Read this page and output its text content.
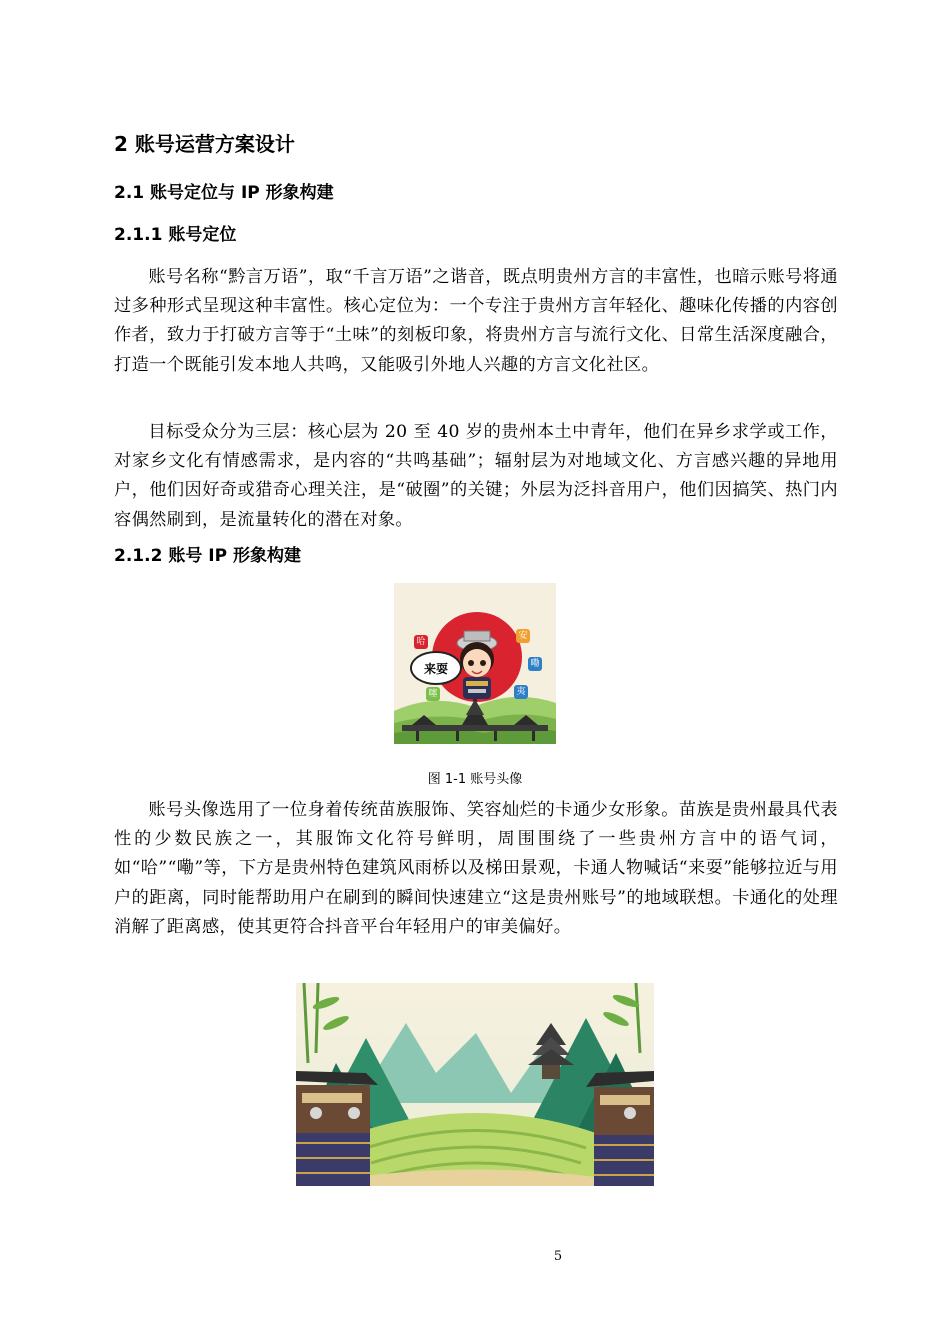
2 账号运营方案设计
2.1 账号定位与 IP 形象构建
2.1.1 账号定位
账号名称“黔言万语”，取“千言万语”之谐音，既点明贵州方言的丰富性，也暗示账号将通过多种形式呈现这种丰富性。核心定位为：一个专注于贵州方言年轻化、趣味化传播的内容创作者，致力于打破方言等于“土味”的刻板印象，将贵州方言与流行文化、日常生活深度融合，打造一个既能引发本地人共鸣，又能吸引外地人兴趣的方言文化社区。
目标受众分为三层：核心层为 20 至 40 岁的贵州本土中青年，他们在异乡求学或工作，对家乡文化有情感需求，是内容的“共鸣基础”；辐射层为对地域文化、方言感兴趣的异地用户，他们因好奇或猎奇心理关注，是“破圈”的关键；外层为泛抖音用户，他们因搞笑、热门内容偶然刷到，是流量转化的潜在对象。
2.1.2 账号 IP 形象构建
来耍
哈
安
嘞
夷
噻
图 1-1 账号头像
账号头像选用了一位身着传统苗族服饰、笑容灿烂的卡通少女形象。苗族是贵州最具代表性的少数民族之一，其服饰文化符号鲜明，周围围绕了一些贵州方言中的语气词，如“哈”“嘞”等，下方是贵州特色建筑风雨桥以及梯田景观，卡通人物喊话“来耍”能够拉近与用户的距离，同时能帮助用户在刷到的瞬间快速建立“这是贵州账号”的地域联想。卡通化的处理消解了距离感，使其更符合抖音平台年轻用户的审美偏好。
5
